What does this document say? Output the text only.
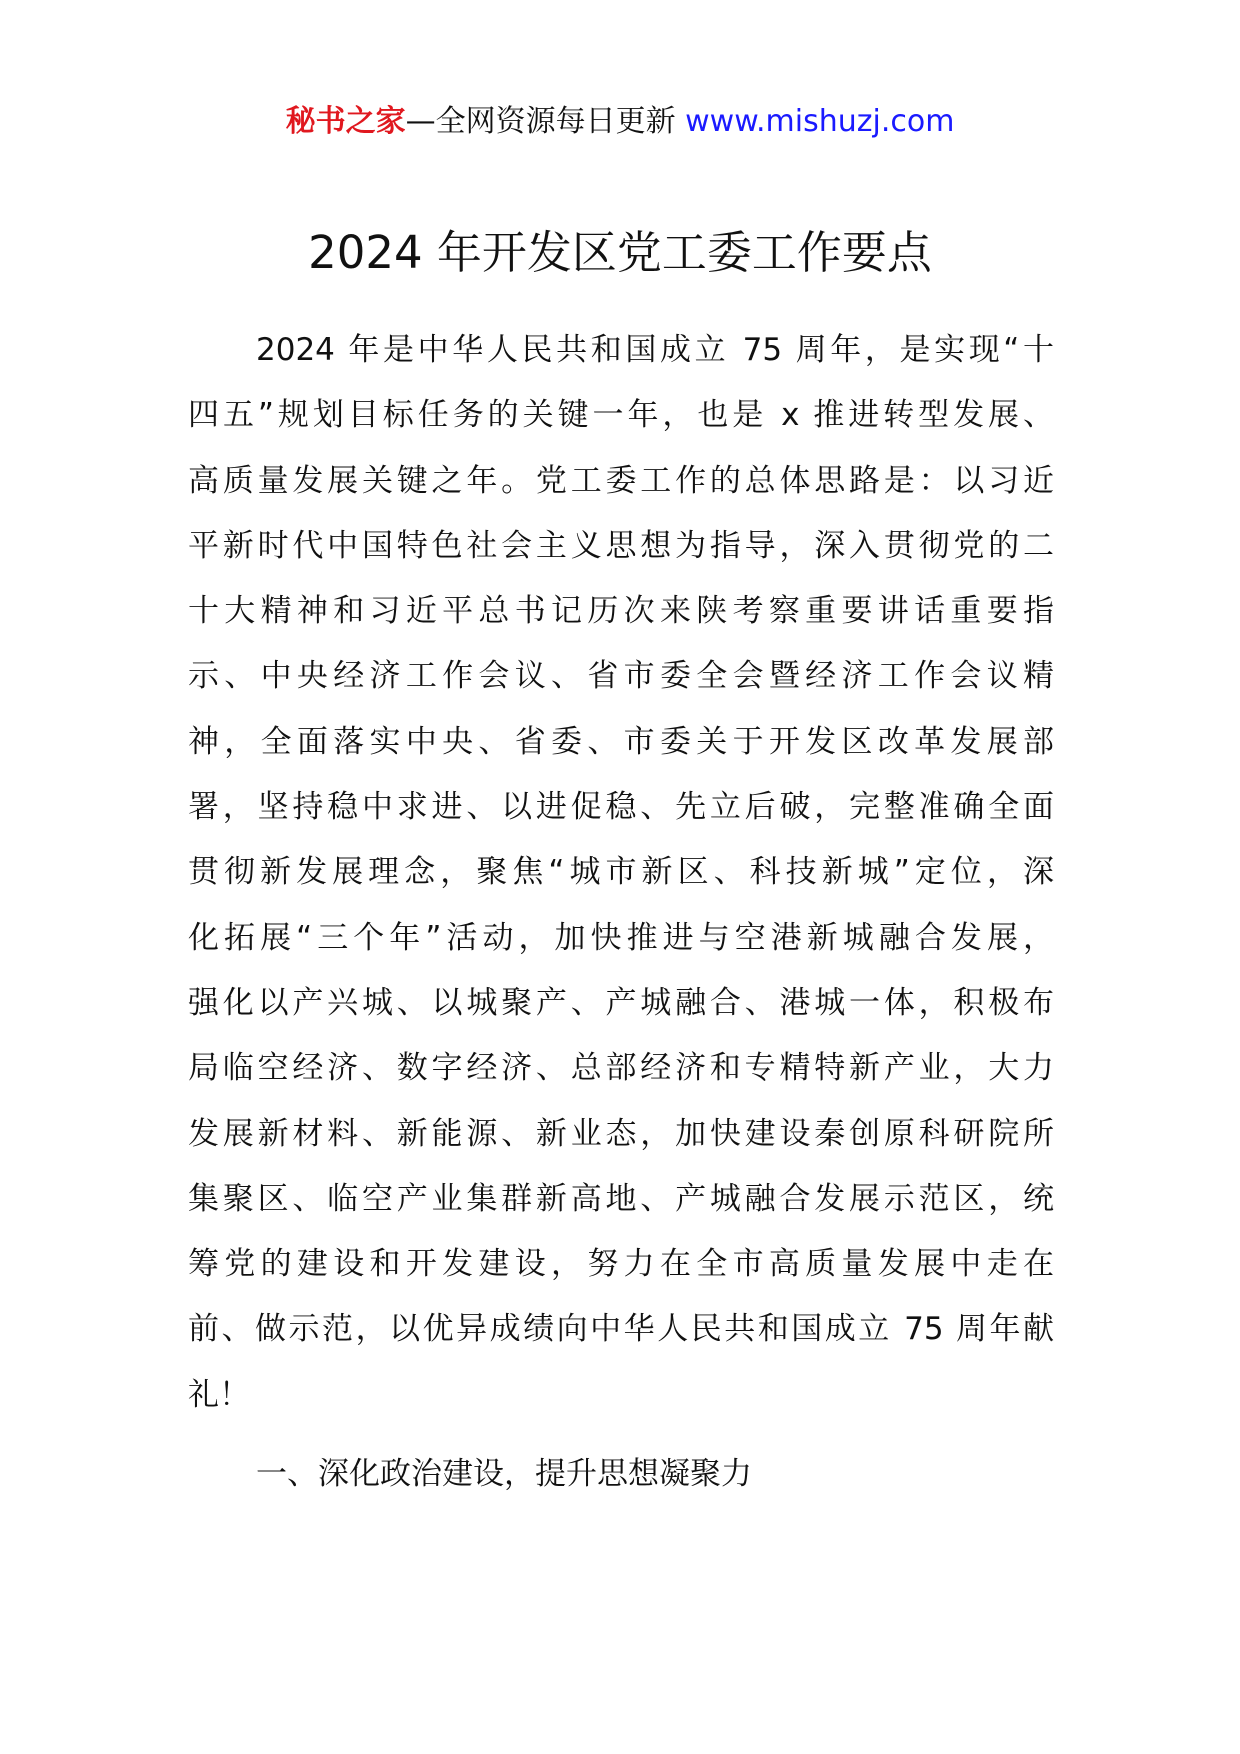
秘书之家—全网资源每日更新 www.mishuzj.com
2024 年开发区党工委工作要点
2024 年是中华人民共和国成立 75 周年，是实现“十
四五”规划目标任务的关键一年，也是 x 推进转型发展、
高质量发展关键之年。党工委工作的总体思路是：以习近
平新时代中国特色社会主义思想为指导，深入贯彻党的二
十大精神和习近平总书记历次来陕考察重要讲话重要指
示、中央经济工作会议、省市委全会暨经济工作会议精
神，全面落实中央、省委、市委关于开发区改革发展部
署，坚持稳中求进、以进促稳、先立后破，完整准确全面
贯彻新发展理念，聚焦“城市新区、科技新城”定位，深
化拓展“三个年”活动，加快推进与空港新城融合发展，
强化以产兴城、以城聚产、产城融合、港城一体，积极布
局临空经济、数字经济、总部经济和专精特新产业，大力
发展新材料、新能源、新业态，加快建设秦创原科研院所
集聚区、临空产业集群新高地、产城融合发展示范区，统
筹党的建设和开发建设，努力在全市高质量发展中走在
前、做示范，以优异成绩向中华人民共和国成立 75 周年献
礼！
一、深化政治建设，提升思想凝聚力
